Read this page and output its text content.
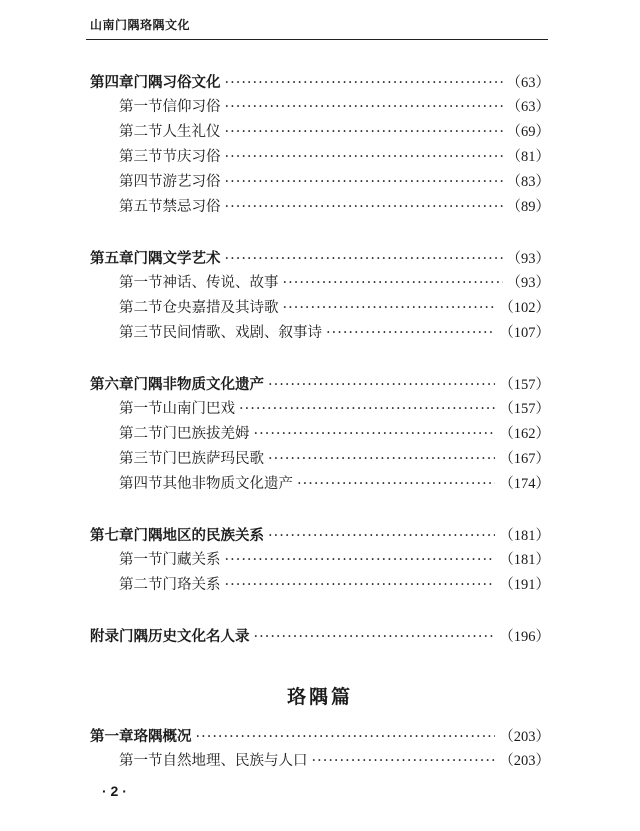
山南门隅珞隅文化
第四章 门隅习俗文化 ·····	（63）
第一节 信仰习俗 ·····	（63）
第二节 人生礼仪 ·····	（69）
第三节 节庆习俗 ·····	（81）
第四节 游艺习俗 ·····	（83）
第五节 禁忌习俗 ·····	（89）
第五章 门隅文学艺术 ·····	（93）
第一节 神话、传说、故事 ·····	（93）
第二节 仓央嘉措及其诗歌 ·····	（102）
第三节 民间情歌、戏剧、叙事诗 ·····	（107）
第六章 门隅非物质文化遗产 ·····	（157）
第一节 山南门巴戏 ·····	（157）
第二节 门巴族拔羌姆 ·····	（162）
第三节 门巴族萨玛民歌 ·····	（167）
第四节 其他非物质文化遗产 ·····	（174）
第七章 门隅地区的民族关系 ·····	（181）
第一节 门藏关系 ·····	（181）
第二节 门珞关系 ·····	（191）
附录 门隅历史文化名人录 ·····	（196）
珞隅篇
第一章 珞隅概况 ·····	（203）
第一节 自然地理、民族与人口 ·····	（203）
· 2 ·
